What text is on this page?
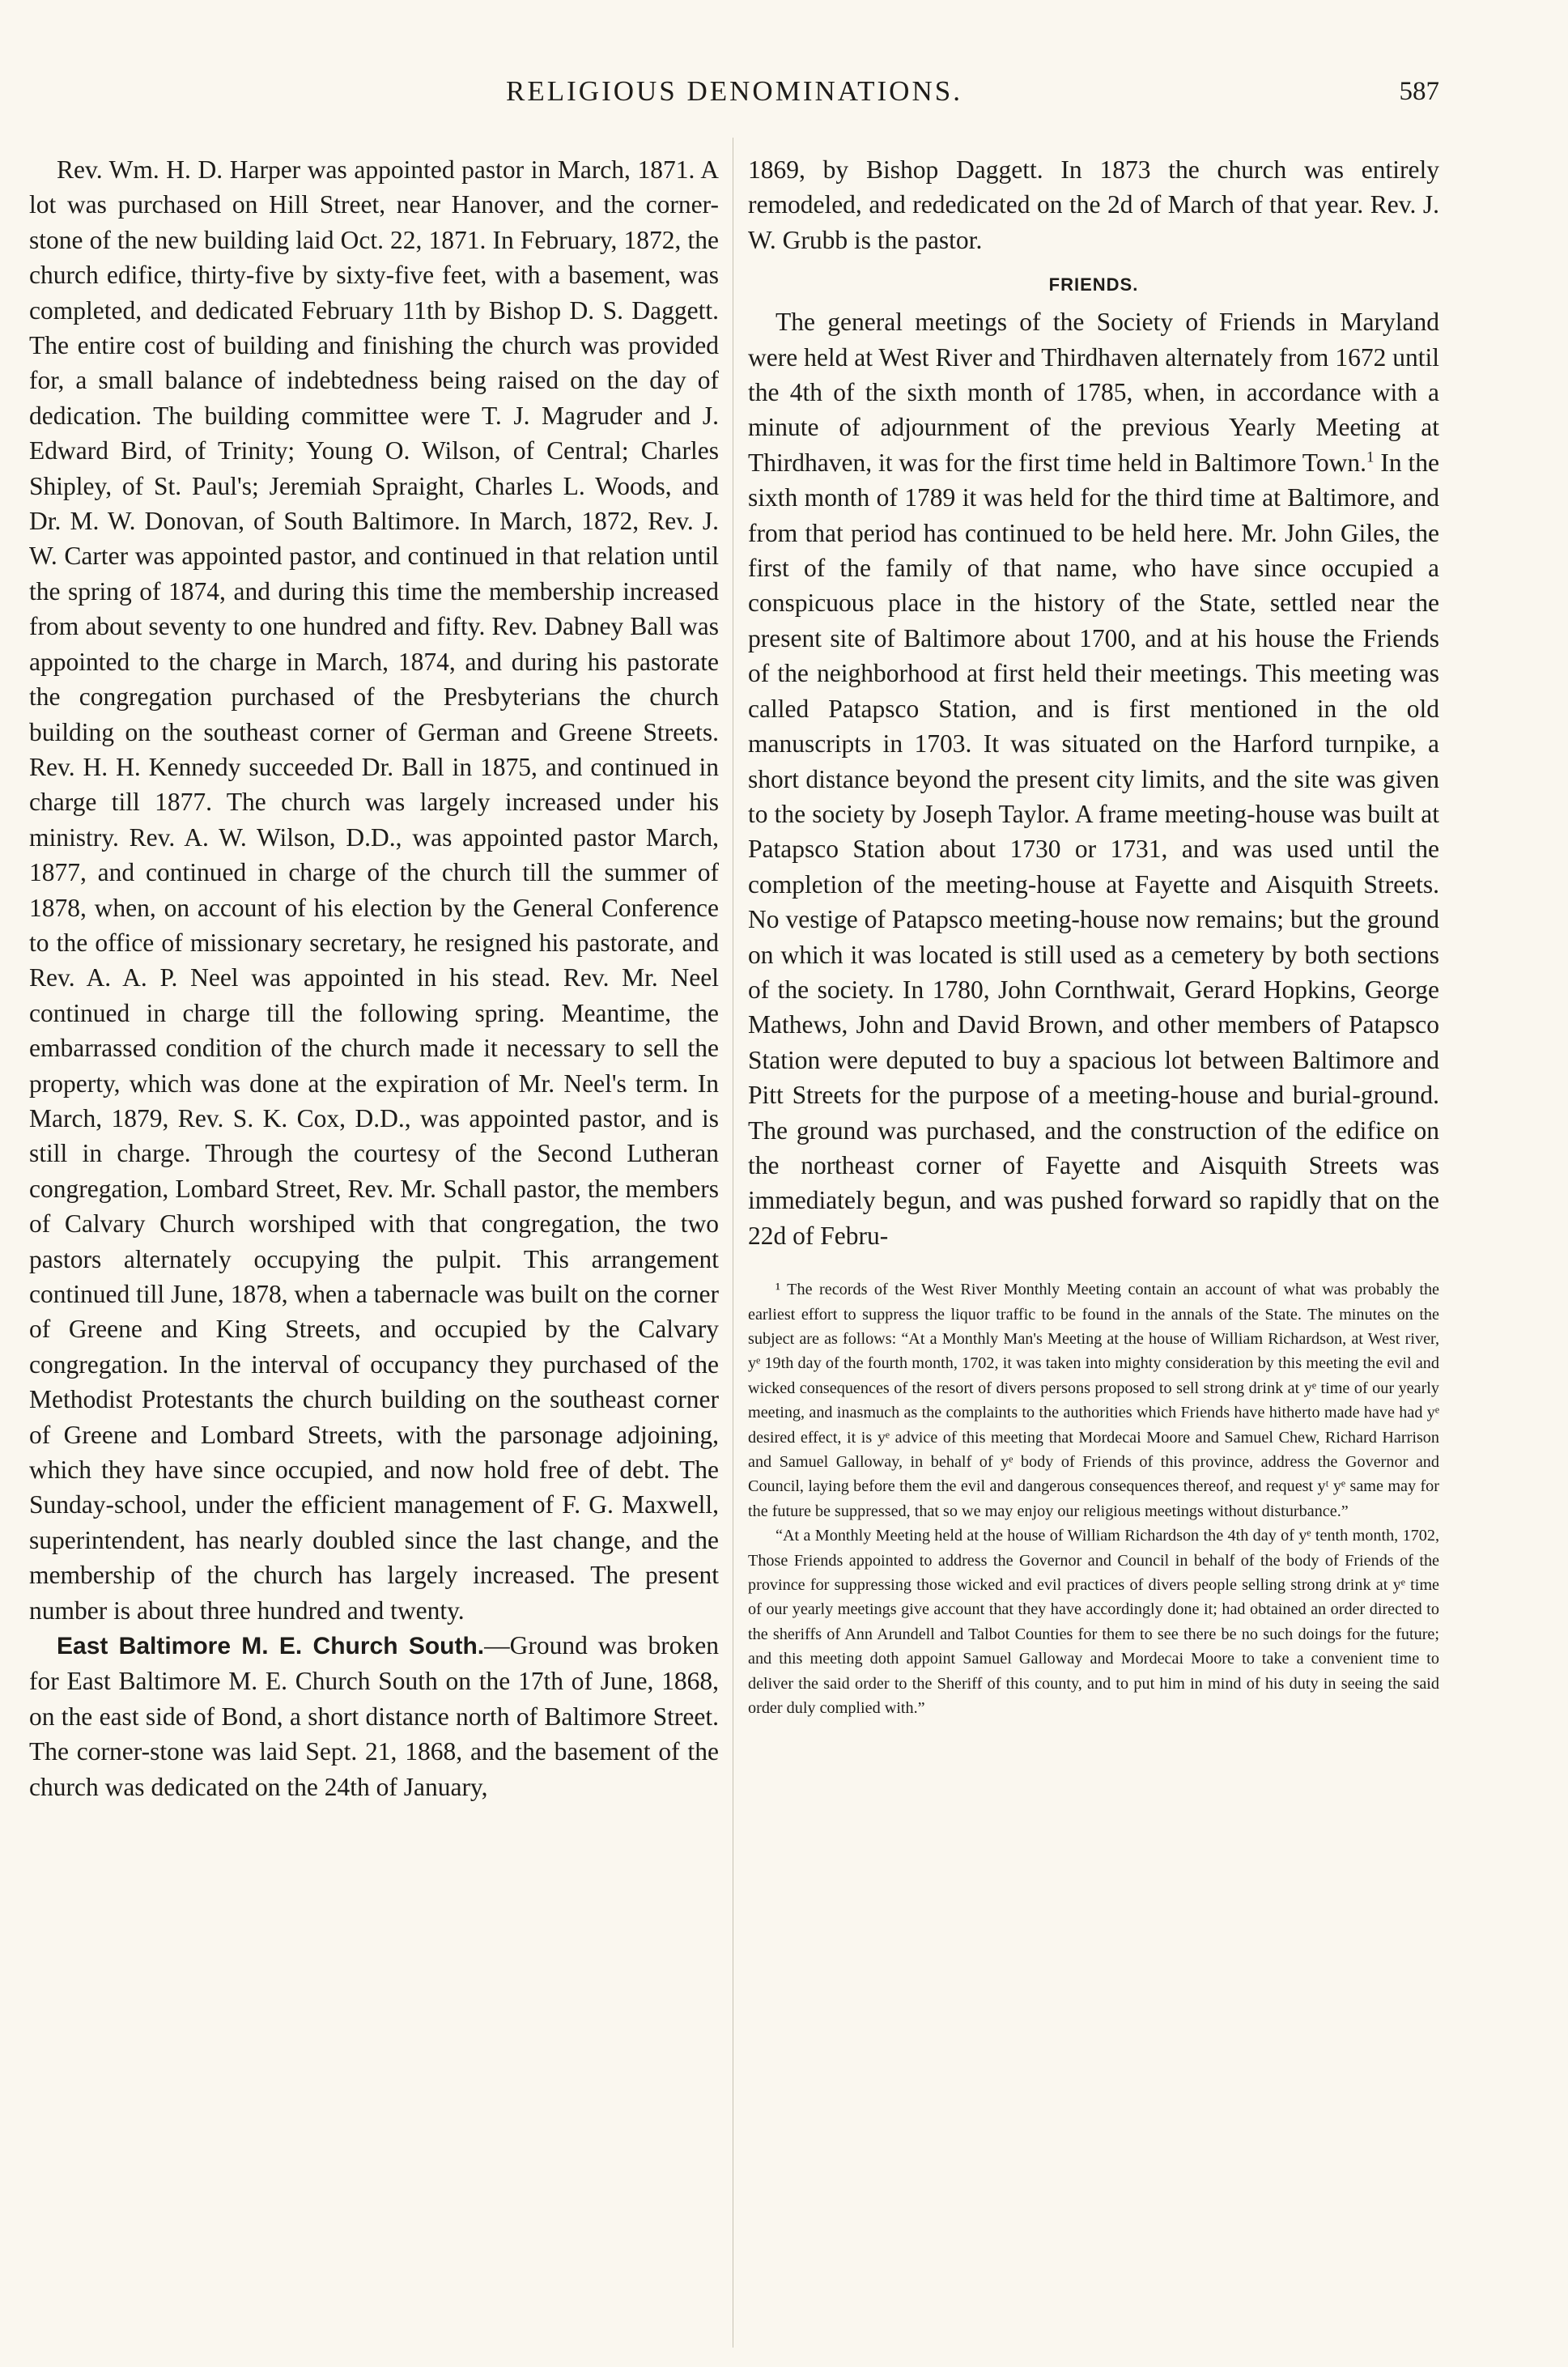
RELIGIOUS DENOMINATIONS.	587

Rev. Wm. H. D. Harper was appointed pastor in March, 1871. A lot was purchased on Hill Street, near Hanover, and the corner-stone of the new building laid Oct. 22, 1871. In February, 1872, the church edifice, thirty-five by sixty-five feet, with a basement, was completed, and dedicated February 11th by Bishop D. S. Daggett. The entire cost of building and finishing the church was provided for, a small balance of indebtedness being raised on the day of dedication. The building committee were T. J. Magruder and J. Edward Bird, of Trinity; Young O. Wilson, of Central; Charles Shipley, of St. Paul's; Jeremiah Spraight, Charles L. Woods, and Dr. M. W. Donovan, of South Baltimore. In March, 1872, Rev. J. W. Carter was appointed pastor, and continued in that relation until the spring of 1874, and during this time the membership increased from about seventy to one hundred and fifty. Rev. Dabney Ball was appointed to the charge in March, 1874, and during his pastorate the congregation purchased of the Presbyterians the church building on the southeast corner of German and Greene Streets. Rev. H. H. Kennedy succeeded Dr. Ball in 1875, and continued in charge till 1877. The church was largely increased under his ministry. Rev. A. W. Wilson, D.D., was appointed pastor March, 1877, and continued in charge of the church till the summer of 1878, when, on account of his election by the General Conference to the office of missionary secretary, he resigned his pastorate, and Rev. A. A. P. Neel was appointed in his stead. Rev. Mr. Neel continued in charge till the following spring. Meantime, the embarrassed condition of the church made it necessary to sell the property, which was done at the expiration of Mr. Neel's term. In March, 1879, Rev. S. K. Cox, D.D., was appointed pastor, and is still in charge. Through the courtesy of the Second Lutheran congregation, Lombard Street, Rev. Mr. Schall pastor, the members of Calvary Church worshiped with that congregation, the two pastors alternately occupying the pulpit. This arrangement continued till June, 1878, when a tabernacle was built on the corner of Greene and King Streets, and occupied by the Calvary congregation. In the interval of occupancy they purchased of the Methodist Protestants the church building on the southeast corner of Greene and Lombard Streets, with the parsonage adjoining, which they have since occupied, and now hold free of debt. The Sunday-school, under the efficient management of F. G. Maxwell, superintendent, has nearly doubled since the last change, and the membership of the church has largely increased. The present number is about three hundred and twenty.

East Baltimore M. E. Church South.—Ground was broken for East Baltimore M. E. Church South on the 17th of June, 1868, on the east side of Bond, a short distance north of Baltimore Street. The corner-stone was laid Sept. 21, 1868, and the basement of the church was dedicated on the 24th of January,

1869, by Bishop Daggett. In 1873 the church was entirely remodeled, and rededicated on the 2d of March of that year. Rev. J. W. Grubb is the pastor.

FRIENDS.

The general meetings of the Society of Friends in Maryland were held at West River and Thirdhaven alternately from 1672 until the 4th of the sixth month of 1785, when, in accordance with a minute of adjournment of the previous Yearly Meeting at Thirdhaven, it was for the first time held in Baltimore Town.$^1$ In the sixth month of 1789 it was held for the third time at Baltimore, and from that period has continued to be held here. Mr. John Giles, the first of the family of that name, who have since occupied a conspicuous place in the history of the State, settled near the present site of Baltimore about 1700, and at his house the Friends of the neighborhood at first held their meetings. This meeting was called Patapsco Station, and is first mentioned in the old manuscripts in 1703. It was situated on the Harford turnpike, a short distance beyond the present city limits, and the site was given to the society by Joseph Taylor. A frame meeting-house was built at Patapsco Station about 1730 or 1731, and was used until the completion of the meeting-house at Fayette and Aisquith Streets. No vestige of Patapsco meeting-house now remains; but the ground on which it was located is still used as a cemetery by both sections of the society. In 1780, John Cornthwait, Gerard Hopkins, George Mathews, John and David Brown, and other members of Patapsco Station were deputed to buy a spacious lot between Baltimore and Pitt Streets for the purpose of a meeting-house and burial-ground. The ground was purchased, and the construction of the edifice on the northeast corner of Fayette and Aisquith Streets was immediately begun, and was pushed forward so rapidly that on the 22d of Febru-

¹ The records of the West River Monthly Meeting contain an account of what was probably the earliest effort to suppress the liquor traffic to be found in the annals of the State. The minutes on the subject are as follows: “At a Monthly Man's Meeting at the house of William Richardson, at West river, yᵉ 19th day of the fourth month, 1702, it was taken into mighty consideration by this meeting the evil and wicked consequences of the resort of divers persons proposed to sell strong drink at yᵉ time of our yearly meeting, and inasmuch as the complaints to the authorities which Friends have hitherto made have had yᵉ desired effect, it is yᵉ advice of this meeting that Mordecai Moore and Samuel Chew, Richard Harrison and Samuel Galloway, in behalf of yᵉ body of Friends of this province, address the Governor and Council, laying before them the evil and dangerous consequences thereof, and request yᵗ yᵉ same may for the future be suppressed, that so we may enjoy our religious meetings without disturbance.”

“At a Monthly Meeting held at the house of William Richardson the 4th day of yᵉ tenth month, 1702, Those Friends appointed to address the Governor and Council in behalf of the body of Friends of the province for suppressing those wicked and evil practices of divers people selling strong drink at yᵉ time of our yearly meetings give account that they have accordingly done it; had obtained an order directed to the sheriffs of Ann Arundell and Talbot Counties for them to see there be no such doings for the future; and this meeting doth appoint Samuel Galloway and Mordecai Moore to take a convenient time to deliver the said order to the Sheriff of this county, and to put him in mind of his duty in seeing the said order duly complied with.”
